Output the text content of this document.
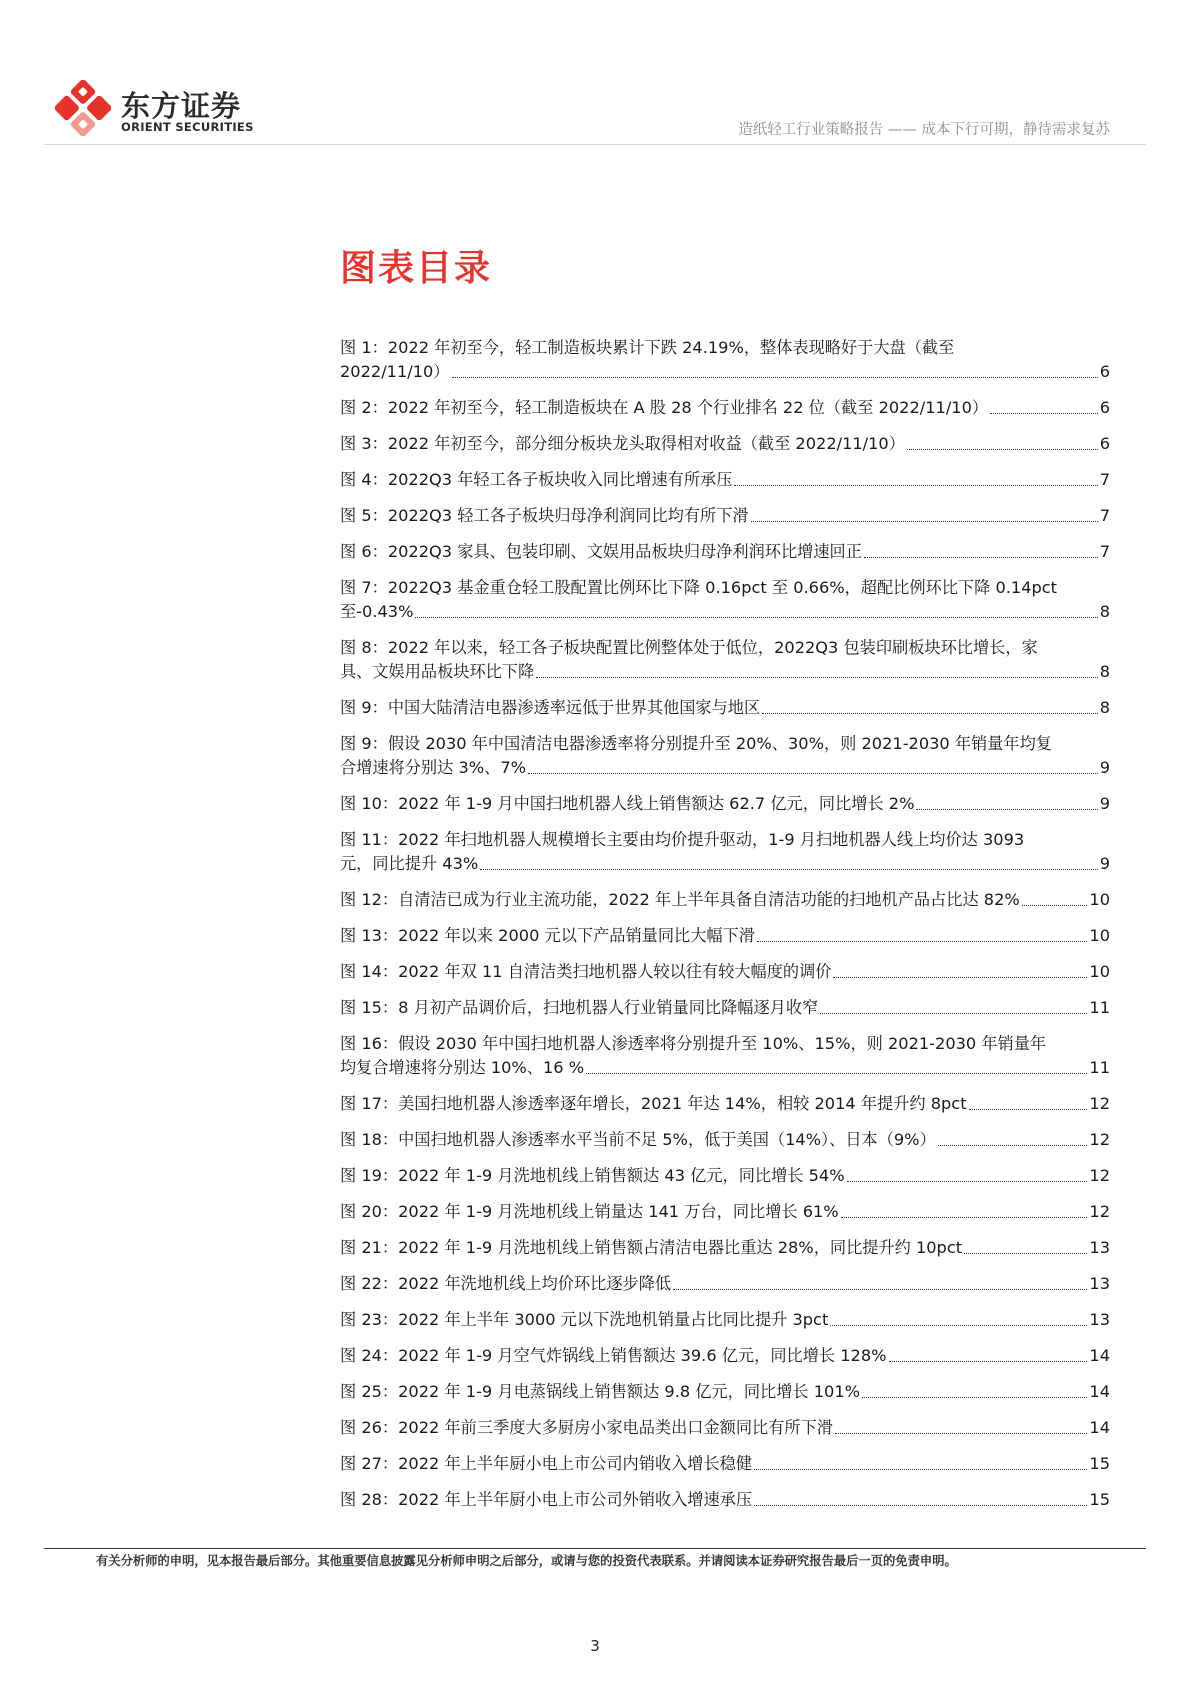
东方证券
ORIENT SECURITIES	造纸轻工行业策略报告 —— 成本下行可期，静待需求复苏
图表目录
图 1：2022 年初至今，轻工制造板块累计下跌 24.19%，整体表现略好于大盘（截至
2022/11/10）	6
图 2：2022 年初至今，轻工制造板块在 A 股 28 个行业排名 22 位（截至 2022/11/10）	6
图 3：2022 年初至今，部分细分板块龙头取得相对收益（截至 2022/11/10）	6
图 4：2022Q3 年轻工各子板块收入同比增速有所承压	7
图 5：2022Q3 轻工各子板块归母净利润同比均有所下滑	7
图 6：2022Q3 家具、包装印刷、文娱用品板块归母净利润环比增速回正	7
图 7：2022Q3 基金重仓轻工股配置比例环比下降 0.16pct 至 0.66%，超配比例环比下降 0.14pct
至-0.43%	8
图 8：2022 年以来，轻工各子板块配置比例整体处于低位，2022Q3 包装印刷板块环比增长，家
具、文娱用品板块环比下降	8
图 9：中国大陆清洁电器渗透率远低于世界其他国家与地区	8
图 9：假设 2030 年中国清洁电器渗透率将分别提升至 20%、30%，则 2021-2030 年销量年均复
合增速将分别达 3%、7%	9
图 10：2022 年 1-9 月中国扫地机器人线上销售额达 62.7 亿元，同比增长 2%	9
图 11：2022 年扫地机器人规模增长主要由均价提升驱动，1-9 月扫地机器人线上均价达 3093
元，同比提升 43%	9
图 12：自清洁已成为行业主流功能，2022 年上半年具备自清洁功能的扫地机产品占比达 82%	10
图 13：2022 年以来 2000 元以下产品销量同比大幅下滑	10
图 14：2022 年双 11 自清洁类扫地机器人较以往有较大幅度的调价	10
图 15：8 月初产品调价后，扫地机器人行业销量同比降幅逐月收窄	11
图 16：假设 2030 年中国扫地机器人渗透率将分别提升至 10%、15%，则 2021-2030 年销量年
均复合增速将分别达 10%、16 %	11
图 17：美国扫地机器人渗透率逐年增长，2021 年达 14%，相较 2014 年提升约 8pct	12
图 18：中国扫地机器人渗透率水平当前不足 5%，低于美国（14%）、日本（9%）	12
图 19：2022 年 1-9 月洗地机线上销售额达 43 亿元，同比增长 54%	12
图 20：2022 年 1-9 月洗地机线上销量达 141 万台，同比增长 61%	12
图 21：2022 年 1-9 月洗地机线上销售额占清洁电器比重达 28%，同比提升约 10pct	13
图 22：2022 年洗地机线上均价环比逐步降低	13
图 23：2022 年上半年 3000 元以下洗地机销量占比同比提升 3pct	13
图 24：2022 年 1-9 月空气炸锅线上销售额达 39.6 亿元，同比增长 128%	14
图 25：2022 年 1-9 月电蒸锅线上销售额达 9.8 亿元，同比增长 101%	14
图 26：2022 年前三季度大多厨房小家电品类出口金额同比有所下滑	14
图 27：2022 年上半年厨小电上市公司内销收入增长稳健	15
图 28：2022 年上半年厨小电上市公司外销收入增速承压	15
有关分析师的申明，见本报告最后部分。其他重要信息披露见分析师申明之后部分，或请与您的投资代表联系。并请阅读本证券研究报告最后一页的免责申明。
3
